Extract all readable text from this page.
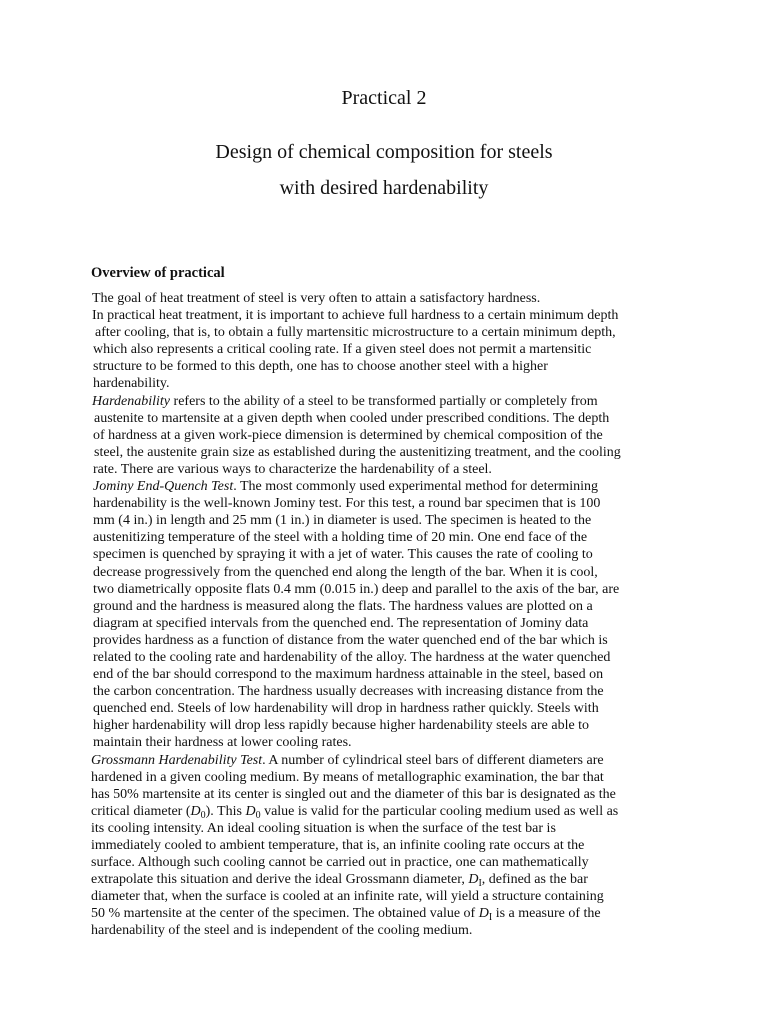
Practical 2
Design of chemical composition for steels
with desired hardenability
Overview of practical
The goal of heat treatment of steel is very often to attain a satisfactory hardness.
In practical heat treatment, it is important to achieve full hardness to a certain minimum depth
after cooling, that is, to obtain a fully martensitic microstructure to a certain minimum depth,
which also represents a critical cooling rate. If a given steel does not permit a martensitic
structure to be formed to this depth, one has to choose another steel with a higher
hardenability.
Hardenability refers to the ability of a steel to be transformed partially or completely from
austenite to martensite at a given depth when cooled under prescribed conditions. The depth
of hardness at a given work-piece dimension is determined by chemical composition of the
steel, the austenite grain size as established during the austenitizing treatment, and the cooling
rate. There are various ways to characterize the hardenability of a steel.
Jominy End-Quench Test. The most commonly used experimental method for determining
hardenability is the well-known Jominy test. For this test, a round bar specimen that is 100
mm (4 in.) in length and 25 mm (1 in.) in diameter is used. The specimen is heated to the
austenitizing temperature of the steel with a holding time of 20 min. One end face of the
specimen is quenched by spraying it with a jet of water. This causes the rate of cooling to
decrease progressively from the quenched end along the length of the bar. When it is cool,
two diametrically opposite flats 0.4 mm (0.015 in.) deep and parallel to the axis of the bar, are
ground and the hardness is measured along the flats. The hardness values are plotted on a
diagram at specified intervals from the quenched end. The representation of Jominy data
provides hardness as a function of distance from the water quenched end of the bar which is
related to the cooling rate and hardenability of the alloy. The hardness at the water quenched
end of the bar should correspond to the maximum hardness attainable in the steel, based on
the carbon concentration. The hardness usually decreases with increasing distance from the
quenched end. Steels of low hardenability will drop in hardness rather quickly. Steels with
higher hardenability will drop less rapidly because higher hardenability steels are able to
maintain their hardness at lower cooling rates.
Grossmann Hardenability Test. A number of cylindrical steel bars of different diameters are
hardened in a given cooling medium. By means of metallographic examination, the bar that
has 50% martensite at its center is singled out and the diameter of this bar is designated as the
critical diameter $(D_0)$. This $D_0$ value is valid for the particular cooling medium used as well as
its cooling intensity. An ideal cooling situation is when the surface of the test bar is
immediately cooled to ambient temperature, that is, an infinite cooling rate occurs at the
surface. Although such cooling cannot be carried out in practice, one can mathematically
extrapolate this situation and derive the ideal Grossmann diameter, $D_I$, defined as the bar
diameter that, when the surface is cooled at an infinite rate, will yield a structure containing
50 % martensite at the center of the specimen. The obtained value of $D_I$ is a measure of the
hardenability of the steel and is independent of the cooling medium.
